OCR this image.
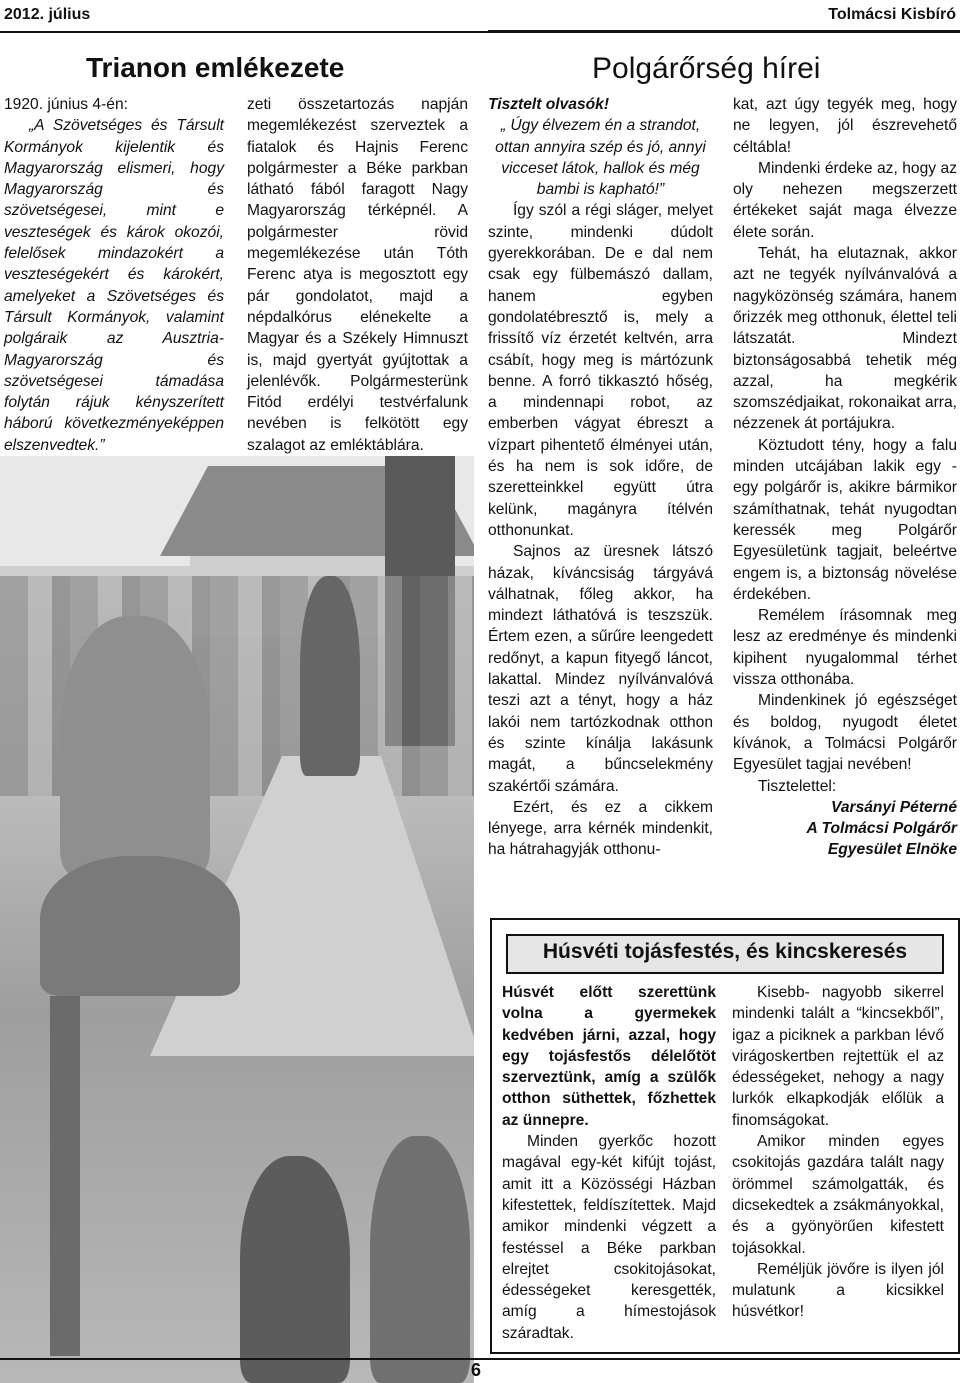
2012. július	Tolmácsi Kisbíró
Trianon emlékezete

1920. június 4-én:

„A Szövetséges és Társult Kormányok kijelentik és Magyarország elismeri, hogy Magyarország és szövetségesei, mint e veszteségek és károk okozói, felelősek mindazokért a veszteségekért és károkért, amelyeket a Szövetséges és Társult Kormányok, valamint polgáraik az Ausztria-Magyarország és szövetségesei támadása folytán rájuk kényszerített háború következményeképpen elszenvedtek.”

zeti összetartozás napján megemlékezést szerveztek a fiatalok és Hajnis Ferenc polgármester a Béke parkban látható fából faragott Nagy Magyarország térképnél. A polgármester rövid megemlékezése után Tóth Ferenc atya is megosztott egy pár gondolatot, majd a népdalkórus elénekelte a Magyar és a Székely Himnuszt is, majd gyertyát gyújtottak a jelenlévők. Polgármesterünk Fitód erdélyi testvérfalunk nevében is felkötött egy szalagot az emléktáblára.

Polgárőrség hírei

Tisztelt olvasók!

„ Úgy élvezem én a strandot, ottan annyira szép és jó, annyi vicceset látok, hallok és még bambi is kapható!”

Így szól a régi sláger, melyet szinte, mindenki dúdolt gyerekkorában. De e dal nem csak egy fülbemászó dallam, hanem egyben gondolatébresztő is, mely a frissítő víz érzetét keltvén, arra csábít, hogy meg is mártózunk benne. A forró tikkasztó hőség, a mindennapi robot, az emberben vágyat ébreszt a vízpart pihentető élményei után, és ha nem is sok időre, de szeretteinkkel együtt útra kelünk, magányra ítélvén otthonunkat.

Sajnos az üresnek látszó házak, kíváncsiság tárgyává válhatnak, főleg akkor, ha mindezt láthatóvá is teszszük. Értem ezen, a sűrűre leengedett redőnyt, a kapun fityegő láncot, lakattal. Mindez nyílvánvalóvá teszi azt a tényt, hogy a ház lakói nem tartózkodnak otthon és szinte kínálja lakásunk magát, a bűncselekmény szakértői számára.

Ezért, és ez a cikkem lényege, arra kérnék mindenkit, ha hátrahagyják otthonu-

kat, azt úgy tegyék meg, hogy ne legyen, jól észrevehető céltábla!

Mindenki érdeke az, hogy az oly nehezen megszerzett értékeket saját maga élvezze élete során.

Tehát, ha elutaznak, akkor azt ne tegyék nyílvánvalóvá a nagyközönség számára, hanem őrizzék meg otthonuk, élettel teli látszatát. Mindezt biztonságosabbá tehetik még azzal, ha megkérik szomszédjaikat, rokonaikat arra, nézzenek át portájukra.

Köztudott tény, hogy a falu minden utcájában lakik egy - egy polgárőr is, akikre bármikor számíthatnak, tehát nyugodtan keressék meg Polgárőr Egyesületünk tagjait, beleértve engem is, a biztonság növelése érdekében.

Remélem írásomnak meg lesz az eredménye és mindenki kipihent nyugalommal térhet vissza otthonába.

Mindenkinek jó egészséget és boldog, nyugodt életet kívánok, a Tolmácsi Polgárőr Egyesület tagjai nevében!

Tisztelettel:

Varsányi Péterné

A Tolmácsi Polgárőr Egyesület Elnöke

Húsvéti tojásfestés, és kincskeresés

Húsvét előtt szerettünk volna a gyermekek kedvében járni, azzal, hogy egy tojásfestős délelőtöt szerveztünk, amíg a szülők otthon süthettek, főzhettek az ünnepre.

Minden gyerkőc hozott magával egy-két kifújt tojást, amit itt a Közösségi Házban kifestettek, feldíszítettek. Majd amikor mindenki végzett a festéssel a Béke parkban elrejtet csokitojásokat, édességeket keresgették, amíg a hímestojások száradtak.

Kisebb- nagyobb sikerrel mindenki talált a “kincsekből”, igaz a piciknek a parkban lévő virágoskertben rejtettük el az édességeket, nehogy a nagy lurkók elkapkodják előlük a finomságokat.

Amikor minden egyes csokitojás gazdára talált nagy örömmel számolgatták, és dicsekedtek a zsákmányokkal, és a gyönyörűen kifestett tojásokkal.

Reméljük jövőre is ilyen jól mulatunk a kicsikkel húsvétkor!

6
